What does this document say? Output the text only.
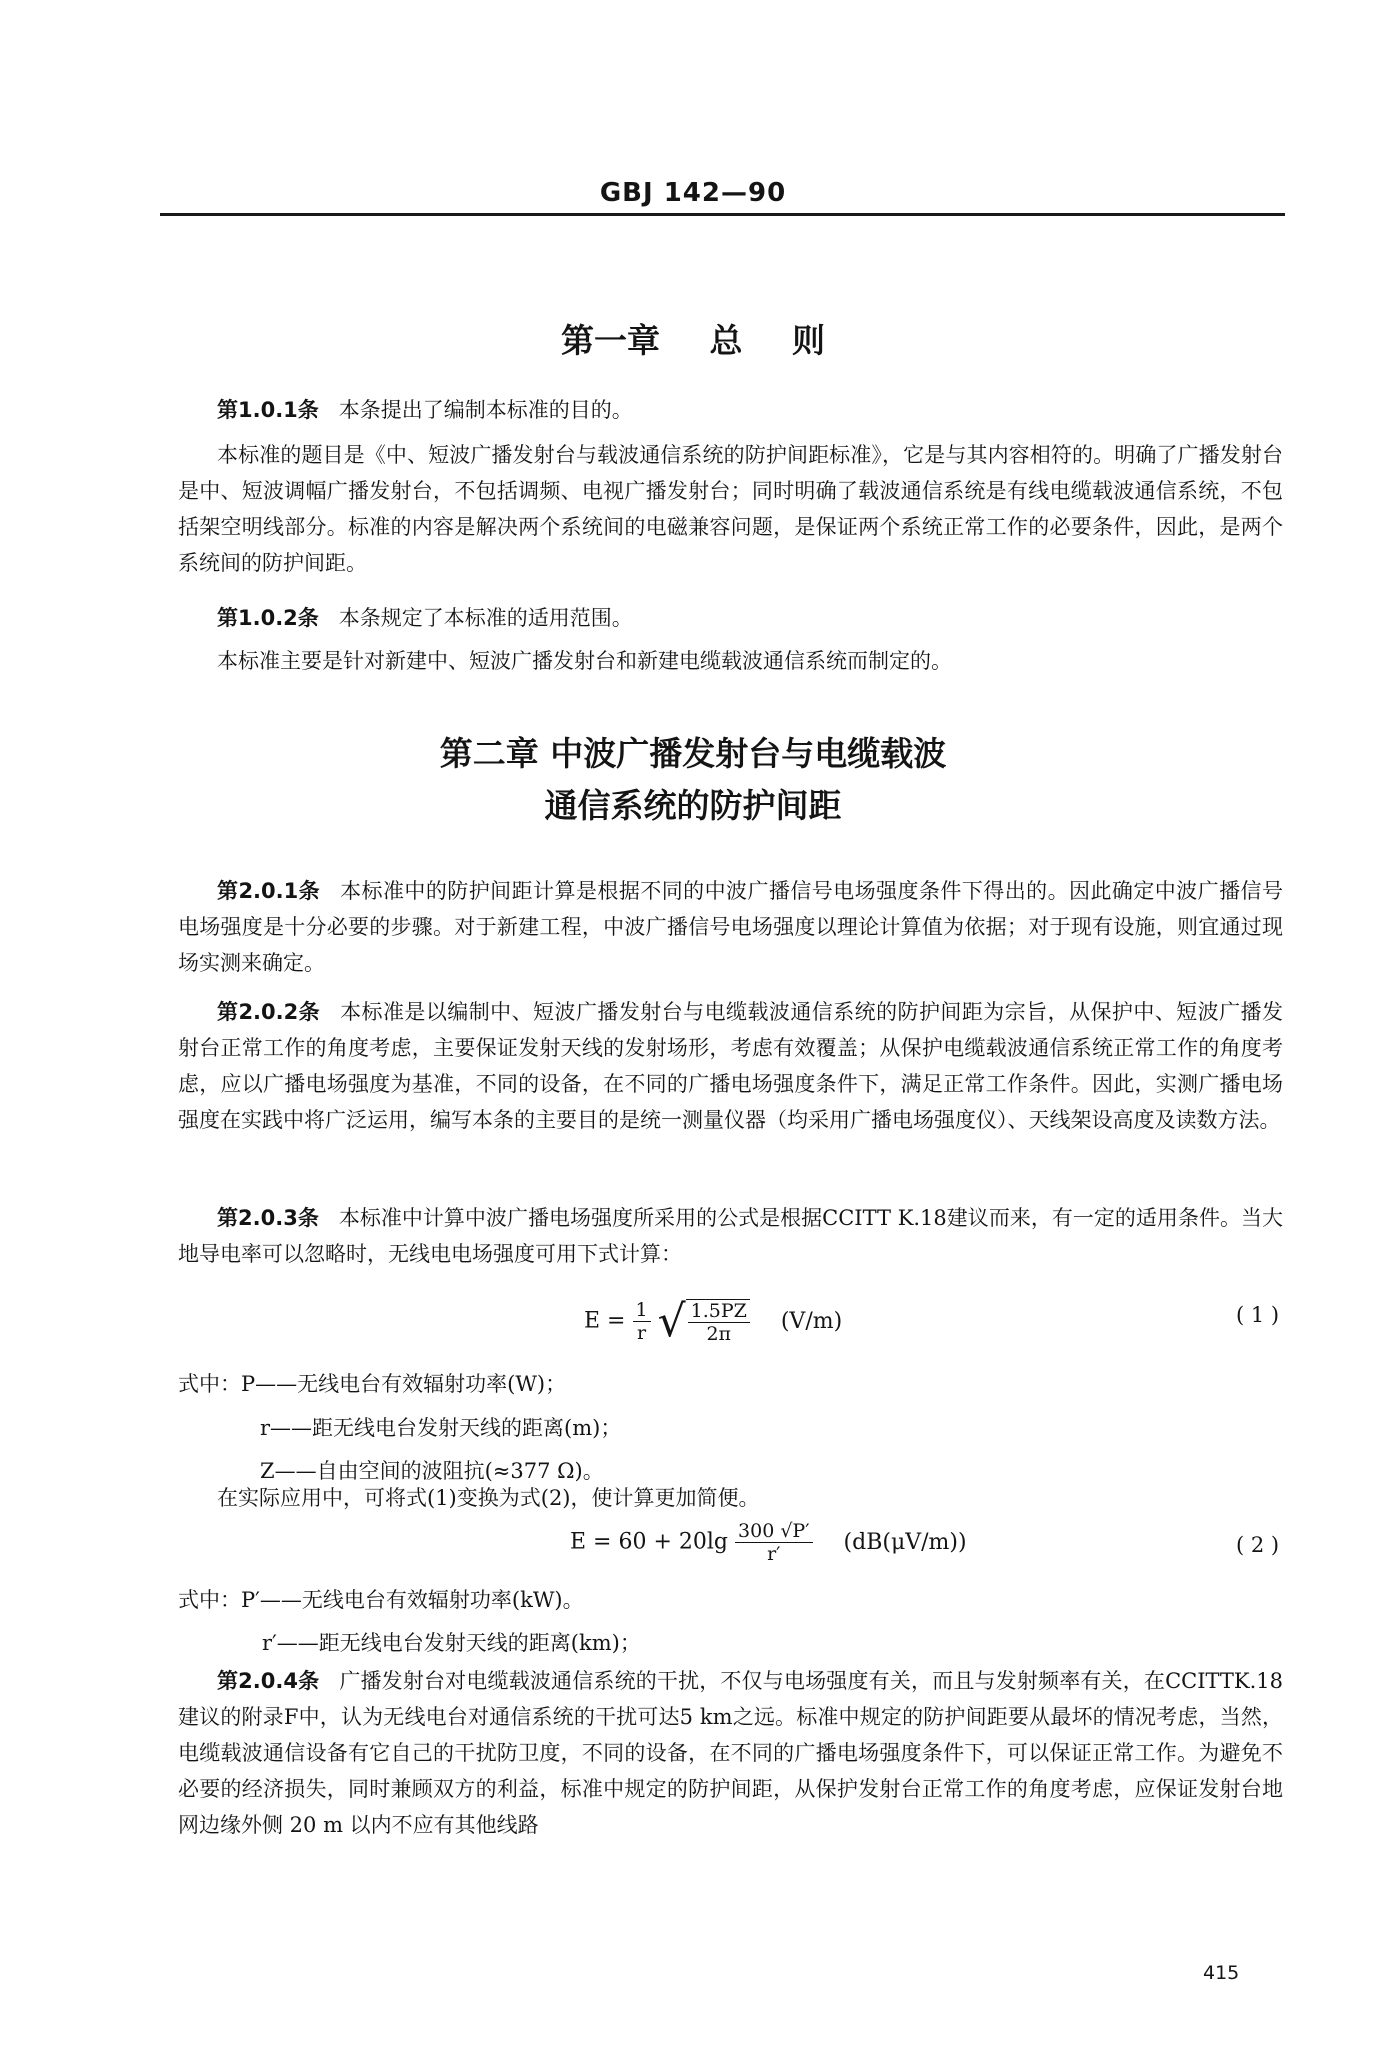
GBJ 142—90
第一章 总 则
第1.0.1条 本条提出了编制本标准的目的。
本标准的题目是《中、短波广播发射台与载波通信系统的防护间距标准》，它是与其内容相符的。明确了广播发射台是中、短波调幅广播发射台，不包括调频、电视广播发射台；同时明确了载波通信系统是有线电缆载波通信系统，不包括架空明线部分。标准的内容是解决两个系统间的电磁兼容问题，是保证两个系统正常工作的必要条件，因此，是两个系统间的防护间距。
第1.0.2条 本条规定了本标准的适用范围。
本标准主要是针对新建中、短波广播发射台和新建电缆载波通信系统而制定的。
第二章 中波广播发射台与电缆载波
通信系统的防护间距
第2.0.1条 本标准中的防护间距计算是根据不同的中波广播信号电场强度条件下得出的。因此确定中波广播信号电场强度是十分必要的步骤。对于新建工程，中波广播信号电场强度以理论计算值为依据；对于现有设施，则宜通过现场实测来确定。
第2.0.2条 本标准是以编制中、短波广播发射台与电缆载波通信系统的防护间距为宗旨，从保护中、短波广播发射台正常工作的角度考虑，主要保证发射天线的发射场形，考虑有效覆盖；从保护电缆载波通信系统正常工作的角度考虑，应以广播电场强度为基准，不同的设备，在不同的广播电场强度条件下，满足正常工作条件。因此，实测广播电场强度在实践中将广泛运用，编写本条的主要目的是统一测量仪器（均采用广播电场强度仪）、天线架设高度及读数方法。
第2.0.3条 本标准中计算中波广播电场强度所采用的公式是根据CCITT K.18建议而来，有一定的适用条件。当大地导电率可以忽略时，无线电电场强度可用下式计算：
$E = \frac{1}{r}$ √ $\frac{1.5PZ}{2\pi} (V/m)$	( 1 )
式中：P——无线电台有效辐射功率(W)；
r——距无线电台发射天线的距离(m)；
Z——自由空间的波阻抗(≈377 Ω)。
在实际应用中，可将式(1)变换为式(2)，使计算更加简便。
$E = 60 + 20\lg \frac{300 √P'}{r'} (dB(\mu V/m))$	( 2 )
式中：P′——无线电台有效辐射功率(kW)。
r′——距无线电台发射天线的距离(km)；
第2.0.4条 广播发射台对电缆载波通信系统的干扰，不仅与电场强度有关，而且与发射频率有关，在CCITTK.18建议的附录F中，认为无线电台对通信系统的干扰可达5 km之远。标准中规定的防护间距要从最坏的情况考虑，当然，电缆载波通信设备有它自己的干扰防卫度，不同的设备，在不同的广播电场强度条件下，可以保证正常工作。为避免不必要的经济损失，同时兼顾双方的利益，标准中规定的防护间距，从保护发射台正常工作的角度考虑，应保证发射台地网边缘外侧 20 m 以内不应有其他线路
415
